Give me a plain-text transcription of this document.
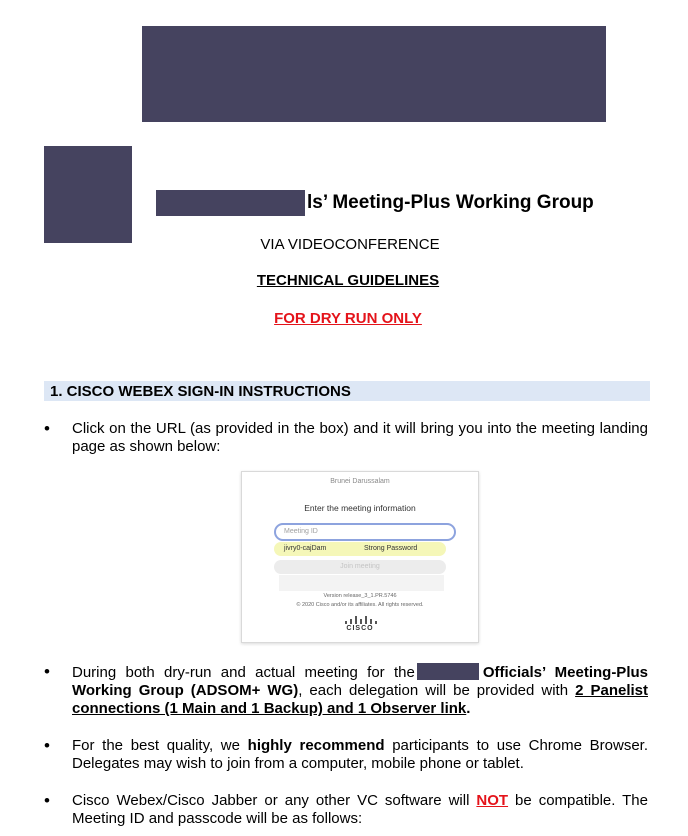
ls’ Meeting-Plus Working Group
VIA VIDEOCONFERENCE
TECHNICAL GUIDELINES
FOR DRY RUN ONLY
1. CISCO WEBEX SIGN-IN INSTRUCTIONS
• Click on the URL (as provided in the box) and it will bring you into the meeting landing page as shown below:
Brunei Darussalam
Enter the meeting information
Meeting ID
jivry0-cajDam	Strong Password
Join meeting
Version release_3_1.PR.5746
© 2020 Cisco and/or its affiliates. All rights reserved.
CISCO
• During both dry-run and actual meeting for the	Officials’ Meeting-Plus Working Group (ADSOM+ WG), each delegation will be provided with 2 Panelist connections (1 Main and 1 Backup) and 1 Observer link.
• For the best quality, we highly recommend participants to use Chrome Browser. Delegates may wish to join from a computer, mobile phone or tablet.
• Cisco Webex/Cisco Jabber or any other VC software will NOT be compatible. The Meeting ID and passcode will be as follows:
